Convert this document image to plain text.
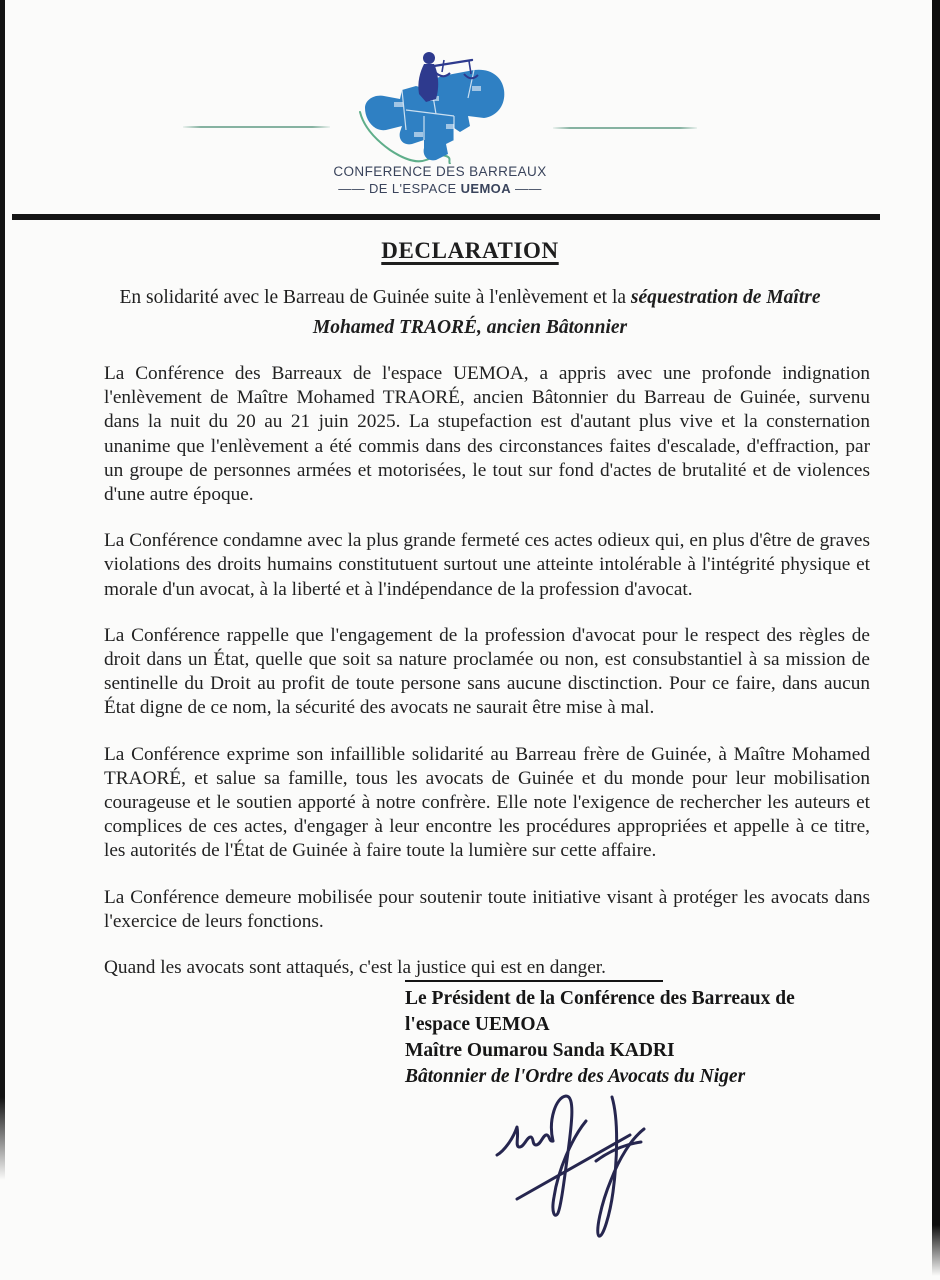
CONFERENCE DES BARREAUX
—— DE L'ESPACE UEMOA ——
DECLARATION
En solidarité avec le Barreau de Guinée suite à l'enlèvement et la séquestration de Maître Mohamed TRAORÉ, ancien Bâtonnier

La Conférence des Barreaux de l'espace UEMOA, a appris avec une profonde indignation l'enlèvement de Maître Mohamed TRAORÉ, ancien Bâtonnier du Barreau de Guinée, survenu dans la nuit du 20 au 21 juin 2025. La stupefaction est d'autant plus vive et la consternation unanime que l'enlèvement a été commis dans des circonstances faites d'escalade, d'effraction, par un groupe de personnes armées et motorisées, le tout sur fond d'actes de brutalité et de violences d'une autre époque.

La Conférence condamne avec la plus grande fermeté ces actes odieux qui, en plus d'être de graves violations des droits humains constitutuent surtout une atteinte intolérable à l'intégrité physique et morale d'un avocat, à la liberté et à l'indépendance de la profession d'avocat.

La Conférence rappelle que l'engagement de la profession d'avocat pour le respect des règles de droit dans un État, quelle que soit sa nature proclamée ou non, est consubstantiel à sa mission de sentinelle du Droit au profit de toute persone sans aucune disctinction. Pour ce faire, dans aucun État digne de ce nom, la sécurité des avocats ne saurait être mise à mal.

La Conférence exprime son infaillible solidarité au Barreau frère de Guinée, à Maître Mohamed TRAORÉ, et salue sa famille, tous les avocats de Guinée et du monde pour leur mobilisation courageuse et le soutien apporté à notre confrère. Elle note l'exigence de rechercher les auteurs et complices de ces actes, d'engager à leur encontre les procédures appropriées et appelle à ce titre, les autorités de l'État de Guinée à faire toute la lumière sur cette affaire.

La Conférence demeure mobilisée pour soutenir toute initiative visant à protéger les avocats dans l'exercice de leurs fonctions.

Quand les avocats sont attaqués, c'est la justice qui est en danger.

Le Président de la Conférence des Barreaux de
l'espace UEMOA
Maître Oumarou Sanda KADRI
Bâtonnier de l'Ordre des Avocats du Niger
